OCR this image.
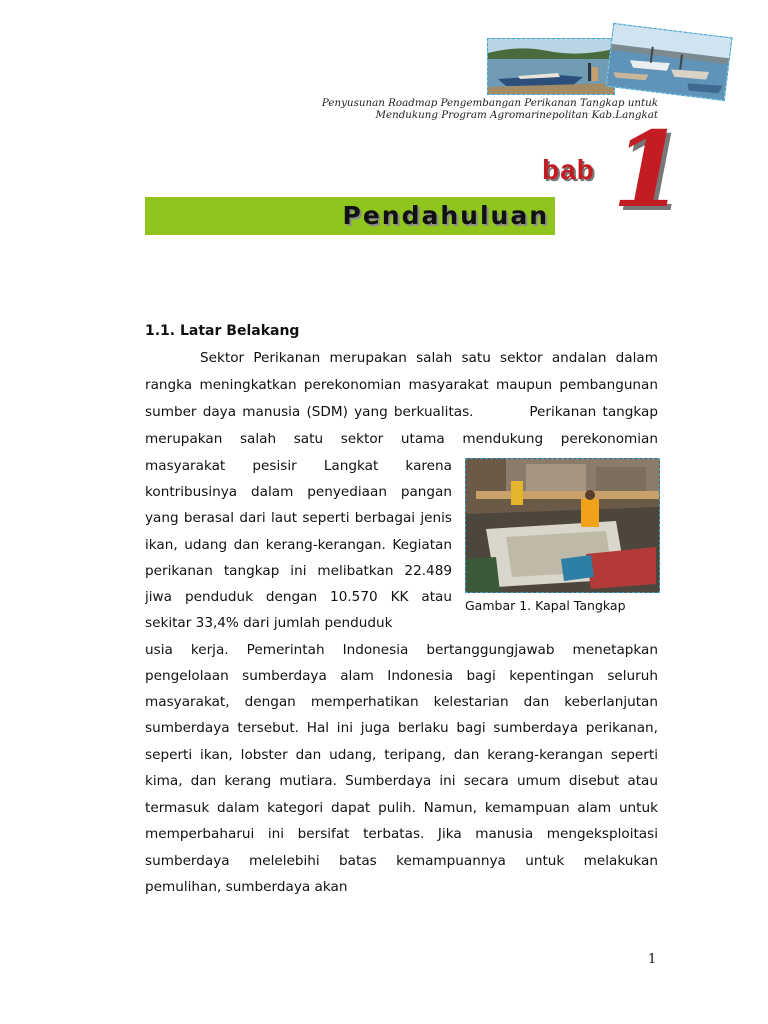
Penyusunan Roadmap Pengembangan Perikanan Tangkap untuk
Mendukung Program Agromarinepolitan Kab.Langkat
bab 1
Pendahuluan
1.1. Latar Belakang
Sektor Perikanan merupakan salah satu sektor andalan dalam
rangka meningkatkan perekonomian masyarakat maupun pembangunan
sumber daya manusia (SDM) yang berkualitas.         Perikanan tangkap
merupakan salah satu sektor utama mendukung perekonomian
masyarakat pesisir Langkat karena
kontribusinya dalam penyediaan pangan
yang berasal dari laut seperti berbagai jenis
ikan, udang dan kerang-kerangan. Kegiatan
perikanan tangkap ini melibatkan 22.489
jiwa penduduk dengan 10.570 KK atau
sekitar 33,4% dari jumlah penduduk
usia kerja. Pemerintah Indonesia bertanggungjawab menetapkan
pengelolaan sumberdaya alam Indonesia bagi kepentingan seluruh
masyarakat, dengan memperhatikan kelestarian dan keberlanjutan
sumberdaya tersebut. Hal ini juga berlaku bagi sumberdaya perikanan,
seperti ikan, lobster dan udang, teripang, dan kerang-kerangan seperti
kima, dan kerang mutiara. Sumberdaya ini secara umum disebut atau
termasuk dalam kategori dapat pulih. Namun, kemampuan alam untuk
memperbaharui ini bersifat terbatas. Jika manusia mengeksploitasi
sumberdaya melelebihi batas kemampuannya untuk melakukan
pemulihan, sumberdaya akan
Gambar 1. Kapal Tangkap
1
